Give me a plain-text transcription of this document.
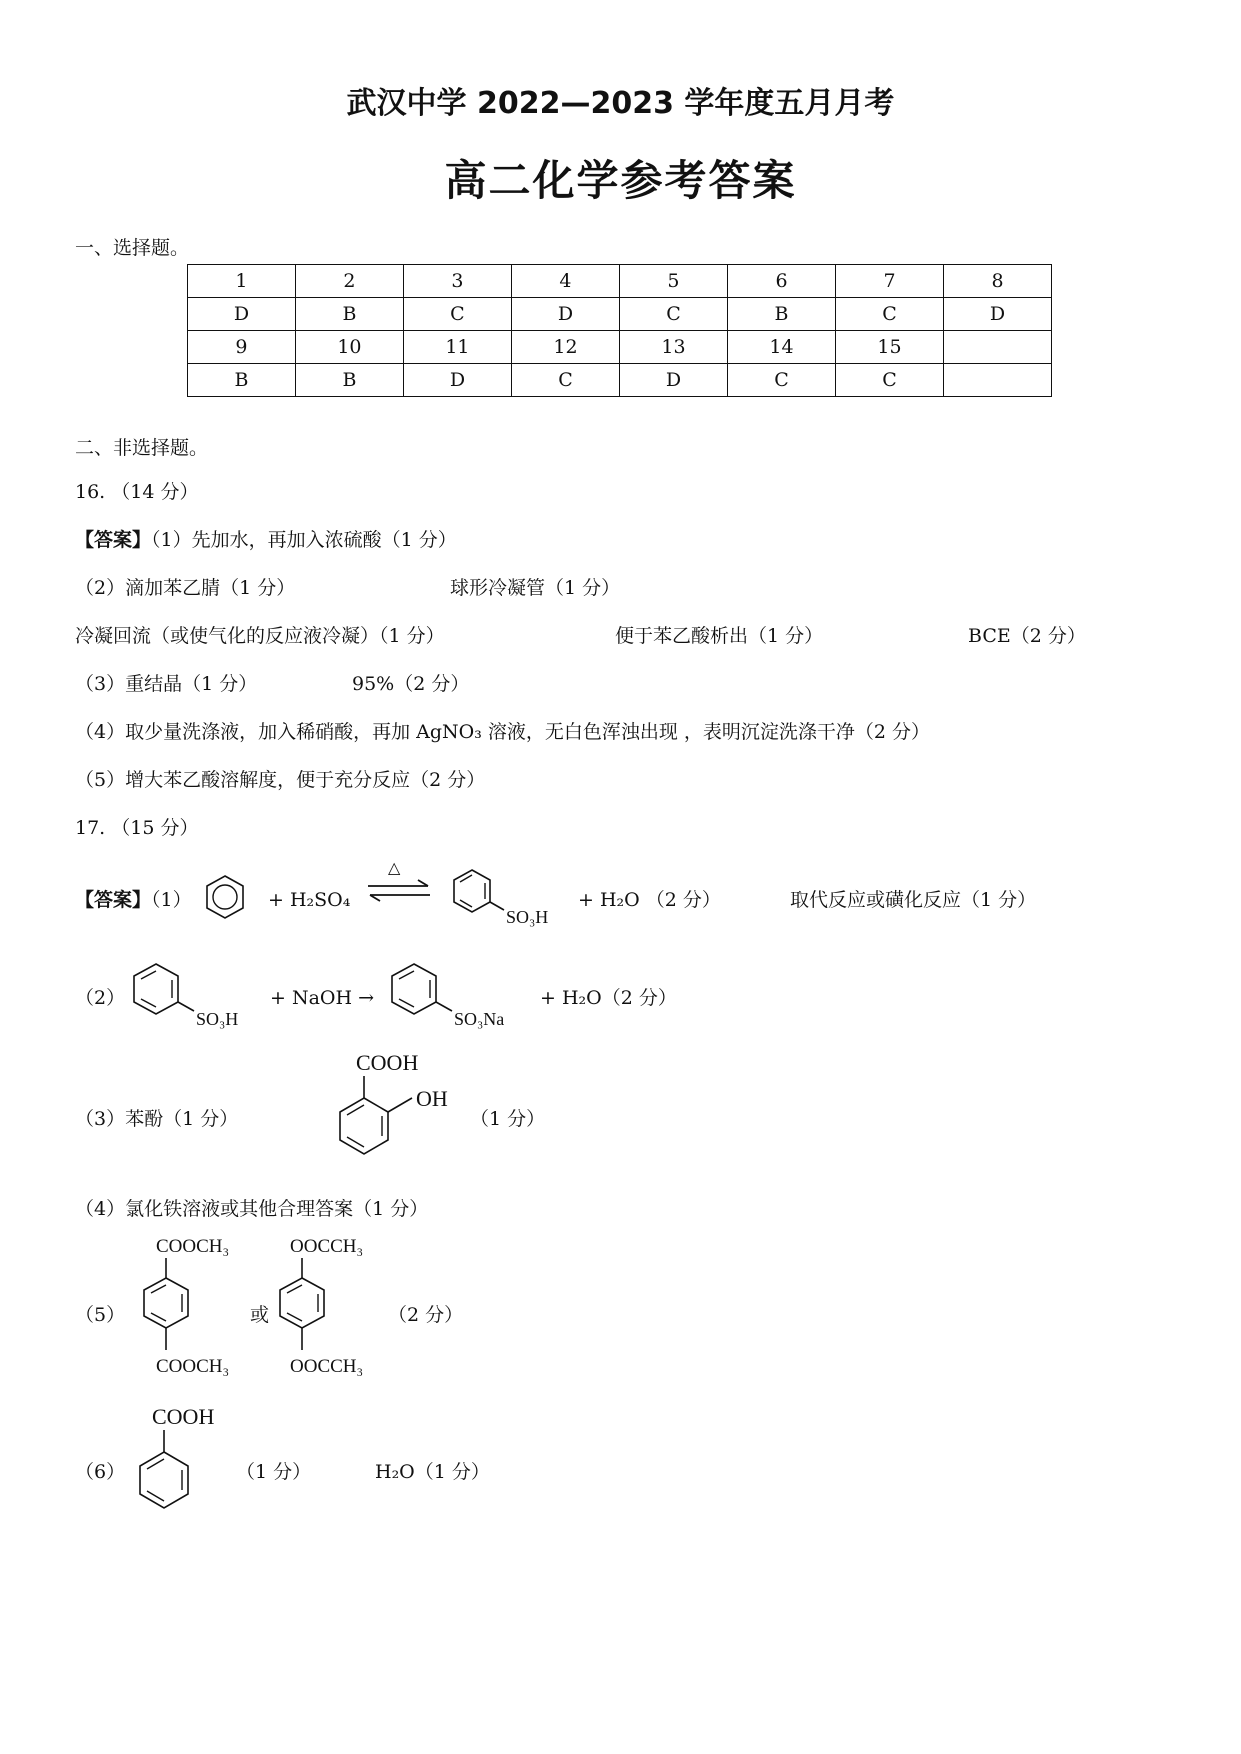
武汉中学 2022—2023 学年度五月月考
高二化学参考答案
一、选择题。
1	2	3	4	5	6	7	8
D	B	C	D	C	B	C	D
9	10	11	12	13	14	15	
B	B	D	C	D	C	C	
二、非选择题。
16. （14 分）
【答案】（1）先加水，再加入浓硫酸（1 分）
（2）滴加苯乙腈（1 分）	球形冷凝管（1 分）
冷凝回流（或使气化的反应液冷凝）（1 分）	便于苯乙酸析出（1 分）	BCE（2 分）
（3）重结晶（1 分）	95%（2 分）
（4）取少量洗涤液，加入稀硝酸，再加 AgNO₃ 溶液，无白色浑浊出现 ，表明沉淀洗涤干净（2 分）
（5）增大苯乙酸溶解度，便于充分反应（2 分）
17. （15 分）
【答案】（1）	+ H₂SO₄
△
SO₃H
+ H₂O （2 分）	取代反应或磺化反应（1 分）
（2）
SO₃H
+ NaOH →
SO₃Na
+ H₂O（2 分）
（3）苯酚（1 分）
COOH
OH
（1 分）
（4）氯化铁溶液或其他合理答案（1 分）
（5）
COOCH₃
COOCH₃
或
OOCCH₃
OOCCH₃
（2 分）
（6）
COOH
（1 分）	H₂O（1 分）
